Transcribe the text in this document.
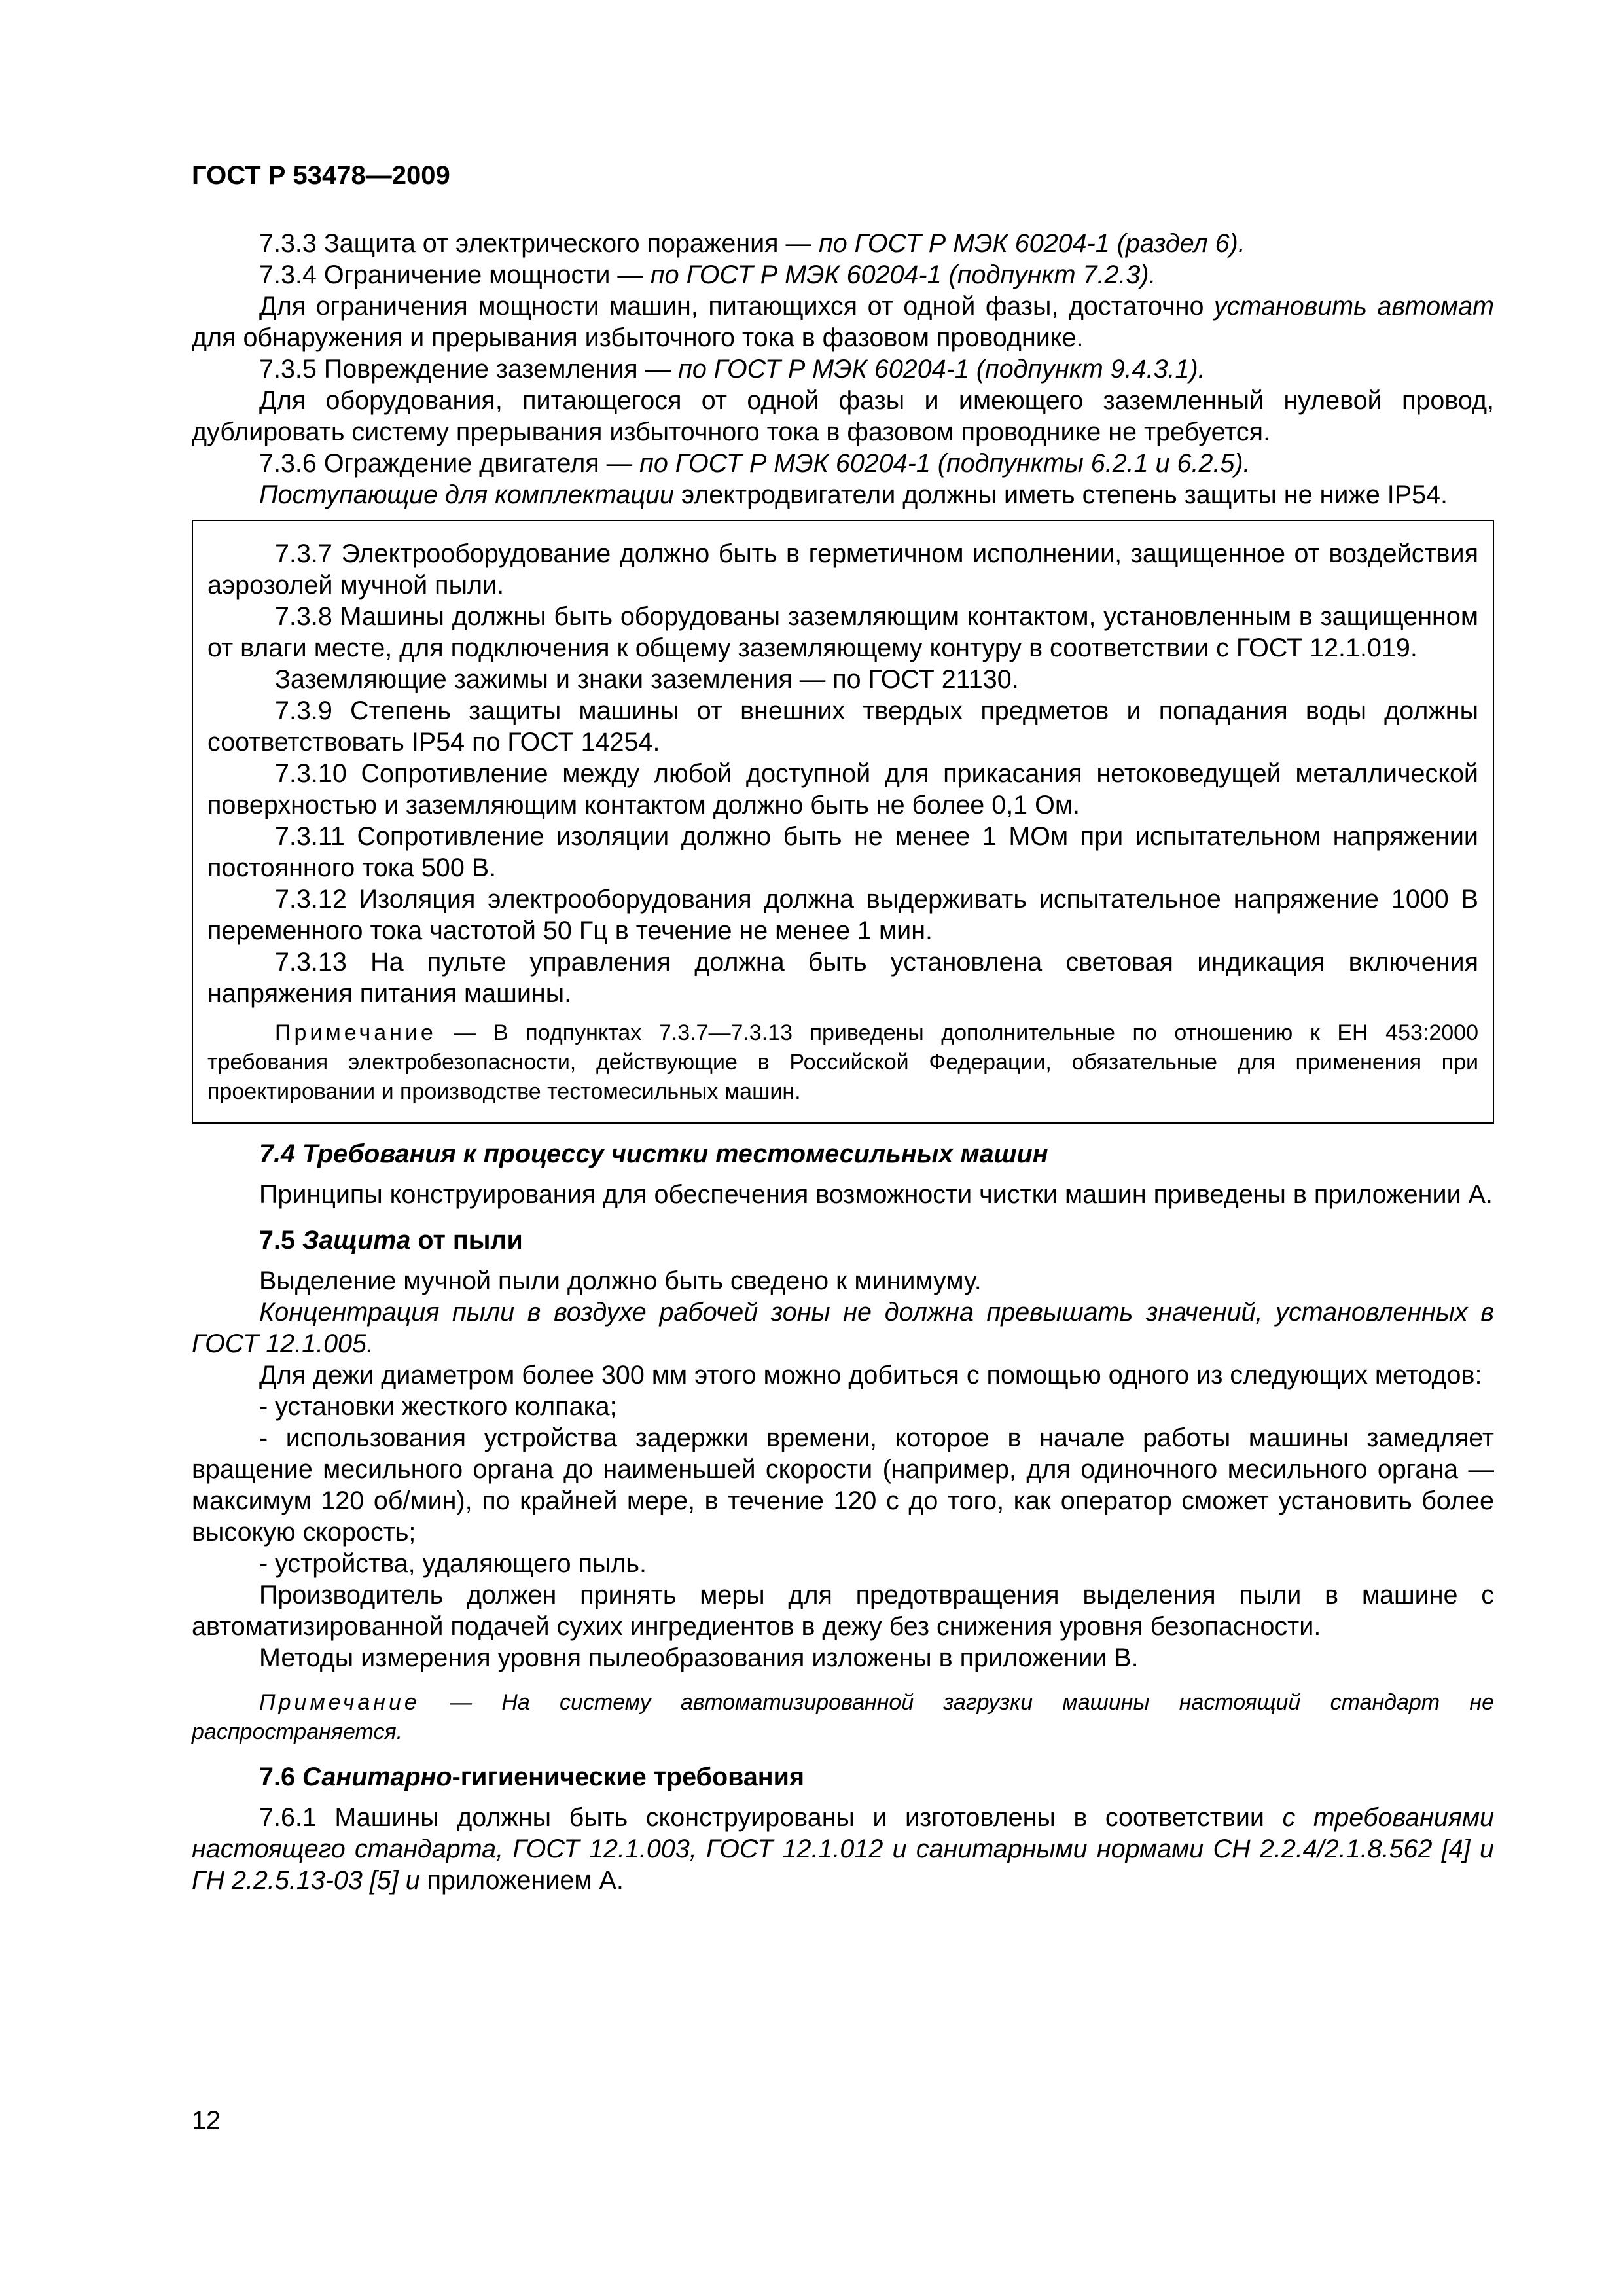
ГОСТ Р 53478—2009

7.3.3 Защита от электрического поражения — по ГОСТ Р МЭК 60204-1 (раздел 6).

7.3.4 Ограничение мощности — по ГОСТ Р МЭК 60204-1 (подпункт 7.2.3).

Для ограничения мощности машин, питающихся от одной фазы, достаточно установить автомат для обнаружения и прерывания избыточного тока в фазовом проводнике.

7.3.5 Повреждение заземления — по ГОСТ Р МЭК 60204-1 (подпункт 9.4.3.1).

Для оборудования, питающегося от одной фазы и имеющего заземленный нулевой провод, дублировать систему прерывания избыточного тока в фазовом проводнике не требуется.

7.3.6 Ограждение двигателя — по ГОСТ Р МЭК 60204-1 (подпункты 6.2.1 и 6.2.5).

Поступающие для комплектации электродвигатели должны иметь степень защиты не ниже IP54.

7.3.7 Электрооборудование должно быть в герметичном исполнении, защищенное от воздействия аэрозолей мучной пыли.

7.3.8 Машины должны быть оборудованы заземляющим контактом, установленным в защищенном от влаги месте, для подключения к общему заземляющему контуру в соответствии с ГОСТ 12.1.019.

Заземляющие зажимы и знаки заземления — по ГОСТ 21130.

7.3.9 Степень защиты машины от внешних твердых предметов и попадания воды должны соответствовать IP54 по ГОСТ 14254.

7.3.10 Сопротивление между любой доступной для прикасания нетоковедущей металлической поверхностью и заземляющим контактом должно быть не более 0,1 Ом.

7.3.11 Сопротивление изоляции должно быть не менее 1 МОм при испытательном напряжении постоянного тока 500 В.

7.3.12 Изоляция электрооборудования должна выдерживать испытательное напряжение 1000 В переменного тока частотой 50 Гц в течение не менее 1 мин.

7.3.13 На пульте управления должна быть установлена световая индикация включения напряжения питания машины.

Примечание — В подпунктах 7.3.7—7.3.13 приведены дополнительные по отношению к ЕН 453:2000 требования электробезопасности, действующие в Российской Федерации, обязательные для применения при проектировании и производстве тестомесильных машин.

7.4 Требования к процессу чистки тестомесильных машин

Принципы конструирования для обеспечения возможности чистки машин приведены в приложении А.

7.5 Защита от пыли

Выделение мучной пыли должно быть сведено к минимуму.

Концентрация пыли в воздухе рабочей зоны не должна превышать значений, установленных в ГОСТ 12.1.005.

Для дежи диаметром более 300 мм этого можно добиться с помощью одного из следующих методов:

- установки жесткого колпака;

- использования устройства задержки времени, которое в начале работы машины замедляет вращение месильного органа до наименьшей скорости (например, для одиночного месильного органа — максимум 120 об/мин), по крайней мере, в течение 120 с до того, как оператор сможет установить более высокую скорость;

- устройства, удаляющего пыль.

Производитель должен принять меры для предотвращения выделения пыли в машине с автоматизированной подачей сухих ингредиентов в дежу без снижения уровня безопасности.

Методы измерения уровня пылеобразования изложены в приложении В.

Примечание — На систему автоматизированной загрузки машины настоящий стандарт не распространяется.

7.6 Санитарно-гигиенические требования

7.6.1 Машины должны быть сконструированы и изготовлены в соответствии с требованиями настоящего стандарта, ГОСТ 12.1.003, ГОСТ 12.1.012 и санитарными нормами СН 2.2.4/2.1.8.562 [4] и ГН 2.2.5.13-03 [5] и приложением А.

12
